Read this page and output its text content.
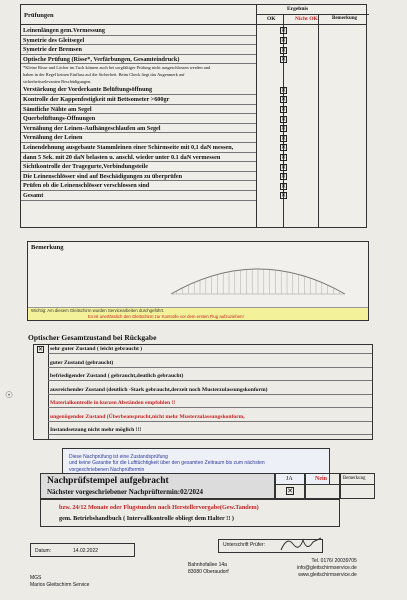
Prüfungen
Ergebnis
OK	Nicht OK	Bemerkung
Leinenlängen gem.Vermessung	✕
Symetrie des Gleitsegel	✕
Symetrie der Bremsen	✕
Optische Prüfung (Risse*, Verfärbungen, Gesamteindruck)	✕
*Kleine Risse und Löcher im Tuch können auch bei sorgfältiger Prüfung nicht ausgeschlossen werden und
haben in der Regel keinen Einfluss auf die Sicherheit. Beim Check liegt das Augenmerk auf
sicherheitsrelevanten Beschädigungen.
Verstärkung der Vorderkante Belüftungsöffnung	✕
Kontrolle der Kappenfestigkeit mit Bettsometer >600gr	✕
Sämtliche Nähte am Segel	✕
Querbelüftungs-Öffnungen	✕
Vernähung der Leinen-Aufhängeschlaufen am Segel	✕
Vernähung der Leinen	✕
Leinendehnung ausgebaute Stammleinen einer Schirmseite mit 0,1 daN messen,	✕
dann 5 Sek. mit 20 daN belasten u. anschl. wieder unter 0.1 daN vermessen	✕
Sichtkontrolle der Tragegurte,Verbindungsteile	✕
Die Leinenschlösser sind auf Beschädigungen zu überprüfen	✕
Prüfen ob die Leinenschlösser verschlossen sind	✕
Gesamt	✕
Bemerkung
Wichtig: Am diesem Gleitschirm wurden Servicearbeiten durchgeführt.
Es ist unerlässlich den Gleitschirm zur Kontrolle vor dem ersten Flug aufzuziehen!
Optischer Gesamtzustand bei Rückgabe
☉
sehr guter Zustand ( leicht gebraucht )
✕
guter Zustand (gebraucht)
befriedigender Zustand ( gebraucht,deutlich gebraucht)
ausreichender Zustand (deutlich -Stark gebraucht,derzeit noch Musterzulassungskonform)
Materialkontrolle in kurzen Abständen empfohlen !!
ungenügender Zustand (Überbeansprucht,nicht mehr Musterzulassungskonform,
Instandsetzung nicht mehr möglich !!!
Diese Nachprüfung ist eine Zustandsprüfung
und keine Garantie für die Lufttüchtigkeit über den gesamten Zeitraum bis zum nächsten
vorgeschriebenen Nachprüftermin
Nachprüfstempel aufgebracht
Nächster vorgeschriebener Nachprüftermin:02/2024
JA
✕
Nein	Bemerkung
bzw. 24/12 Monate oder Flugstunden nach Herstellervorgabe(Gew.Tandem)
gem. Betriebshandbuch ( Intervallkontrolle obliegt dem Halter !! )
Datum:	14.02.2022
Unterschrift Prüfer:
MGS
Marios Gleitschirm Service
Bahnhofallee 14a
83080 Oberaudorf
Tel. 0176/ 20039705
info@gleitschirmservice.de
www.gleitschirmservice.de
